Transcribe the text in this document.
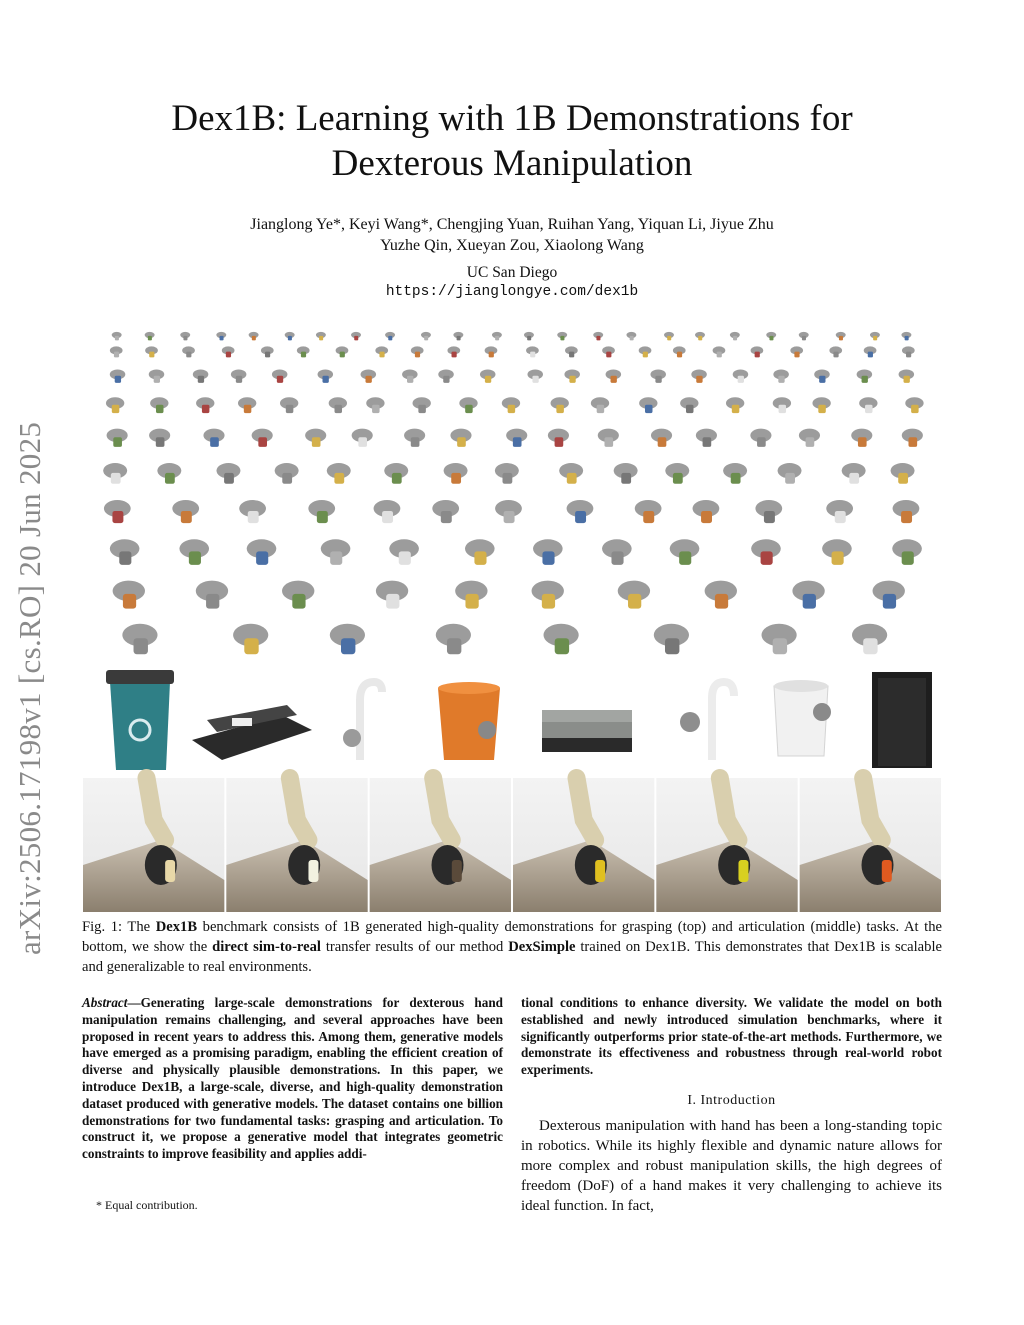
Dex1B: Learning with 1B Demonstrations for
Dexterous Manipulation
Jianglong Ye*, Keyi Wang*, Chengjing Yuan, Ruihan Yang, Yiquan Li, Jiyue Zhu
Yuzhe Qin, Xueyan Zou, Xiaolong Wang
UC San Diego
https://jianglongye.com/dex1b
arXiv:2506.17198v1 [cs.RO] 20 Jun 2025 Fig. 1: The Dex1B benchmark consists of 1B generated high-quality demonstrations for grasping (top) and articulation (middle) tasks. At the bottom, we show the direct sim-to-real transfer results of our method DexSimple trained on Dex1B. This demonstrates that Dex1B is scalable and generalizable to real environments.
Abstract—Generating large-scale demonstrations for dexterous hand manipulation remains challenging, and several approaches have been proposed in recent years to address this. Among them, generative models have emerged as a promising paradigm, enabling the efficient creation of diverse and physically plausible demonstrations. In this paper, we introduce Dex1B, a large-scale, diverse, and high-quality demonstration dataset produced with generative models. The dataset contains one billion demonstrations for two fundamental tasks: grasping and articulation. To construct it, we propose a generative model that integrates geometric constraints to improve feasibility and applies addi-
tional conditions to enhance diversity. We validate the model on both established and newly introduced simulation benchmarks, where it significantly outperforms prior state-of-the-art methods. Furthermore, we demonstrate its effectiveness and robustness through real-world robot experiments.
I. Introduction
Dexterous manipulation with hand has been a long-standing topic in robotics. While its highly flexible and dynamic nature allows for more complex and robust manipulation skills, the high degrees of freedom (DoF) of a hand makes it very challenging to achieve its ideal function. In fact,
* Equal contribution.
